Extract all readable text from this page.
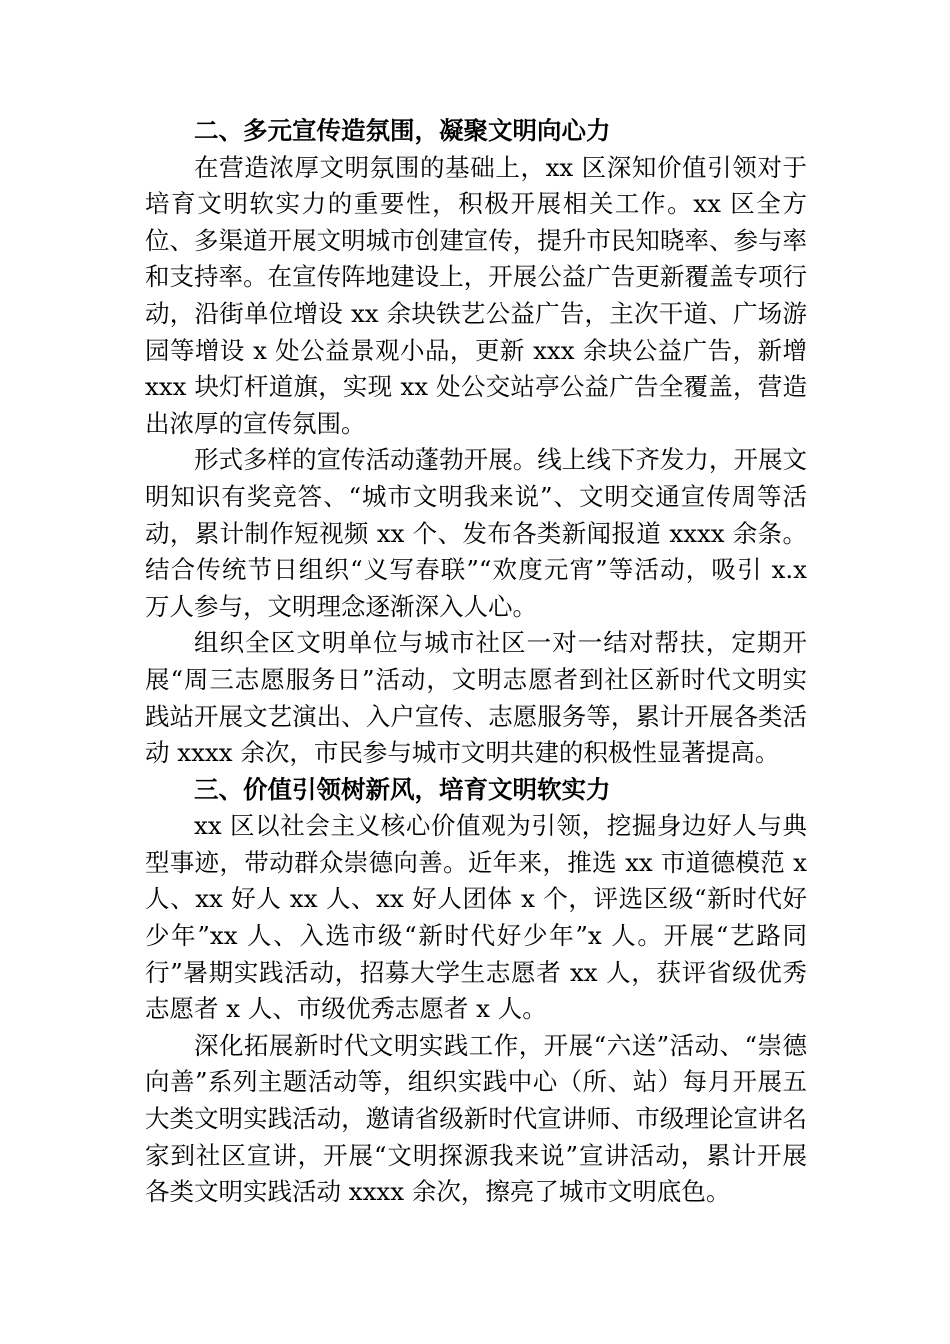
二、多元宣传造氛围，凝聚文明向心力

在营造浓厚文明氛围的基础上，xx 区深知价值引领对于培育文明软实力的重要性，积极开展相关工作。xx 区全方位、多渠道开展文明城市创建宣传，提升市民知晓率、参与率和支持率。在宣传阵地建设上，开展公益广告更新覆盖专项行动，沿街单位增设 xx 余块铁艺公益广告，主次干道、广场游园等增设 x 处公益景观小品，更新 xxx 余块公益广告，新增 xxx 块灯杆道旗，实现 xx 处公交站亭公益广告全覆盖，营造出浓厚的宣传氛围。

形式多样的宣传活动蓬勃开展。线上线下齐发力，开展文明知识有奖竞答、“城市文明我来说”、文明交通宣传周等活动，累计制作短视频 xx 个、发布各类新闻报道 xxxx 余条。结合传统节日组织“义写春联”“欢度元宵”等活动，吸引 x.x 万人参与，文明理念逐渐深入人心。

组织全区文明单位与城市社区一对一结对帮扶，定期开展“周三志愿服务日”活动，文明志愿者到社区新时代文明实践站开展文艺演出、入户宣传、志愿服务等，累计开展各类活动 xxxx 余次，市民参与城市文明共建的积极性显著提高。

三、价值引领树新风，培育文明软实力

xx 区以社会主义核心价值观为引领，挖掘身边好人与典型事迹，带动群众崇德向善。近年来，推选 xx 市道德模范 x 人、xx 好人 xx 人、xx 好人团体 x 个，评选区级“新时代好少年”xx 人、入选市级“新时代好少年”x 人。开展“艺路同行”暑期实践活动，招募大学生志愿者 xx 人，获评省级优秀志愿者 x 人、市级优秀志愿者 x 人。

深化拓展新时代文明实践工作，开展“六送”活动、“崇德向善”系列主题活动等，组织实践中心（所、站）每月开展五大类文明实践活动，邀请省级新时代宣讲师、市级理论宣讲名家到社区宣讲，开展“文明探源我来说”宣讲活动，累计开展各类文明实践活动 xxxx 余次，擦亮了城市文明底色。
